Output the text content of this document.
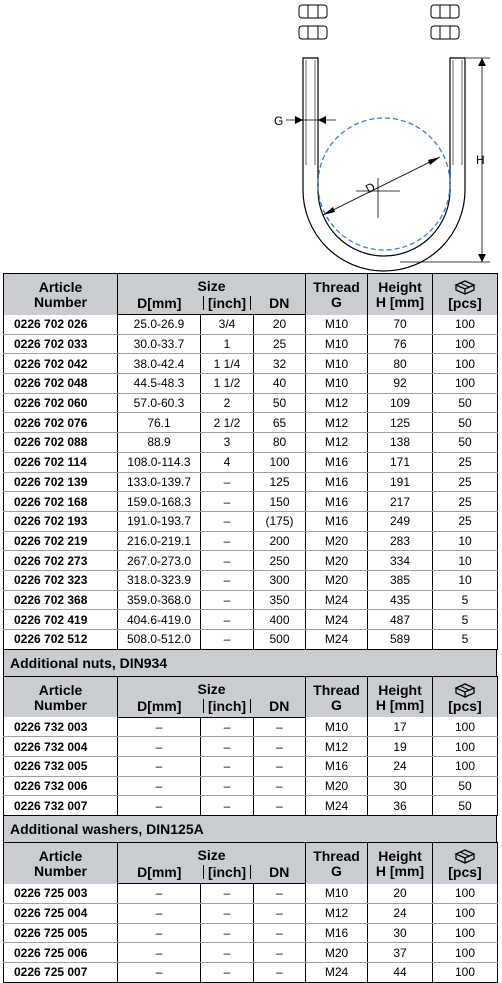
D
G
H
Article
Number	Size			Thread
G	Height
H [mm]	[pcs]
	D[mm]	[inch]	DN			
0226 702 026	25.0-26.9	3/4	20	M10	70	100
0226 702 033	30.0-33.7	1	25	M10	76	100
0226 702 042	38.0-42.4	1 1/4	32	M10	80	100
0226 702 048	44.5-48.3	1 1/2	40	M10	92	100
0226 702 060	57.0-60.3	2	50	M12	109	50
0226 702 076	76.1	2 1/2	65	M12	125	50
0226 702 088	88.9	3	80	M12	138	50
0226 702 114	108.0-114.3	4	100	M16	171	25
0226 702 139	133.0-139.7	–	125	M16	191	25
0226 702 168	159.0-168.3	–	150	M16	217	25
0226 702 193	191.0-193.7	–	(175)	M16	249	25
0226 702 219	216.0-219.1	–	200	M20	283	10
0226 702 273	267.0-273.0	–	250	M20	334	10
0226 702 323	318.0-323.9	–	300	M20	385	10
0226 702 368	359.0-368.0	–	350	M24	435	5
0226 702 419	404.6-419.0	–	400	M24	487	5
0226 702 512	508.0-512.0	–	500	M24	589	5
Additional nuts, DIN934
Article
Number	Size			Thread
G	Height
H [mm]	[pcs]
	D[mm]	[inch]	DN			
0226 732 003	–	–	–	M10	17	100
0226 732 004	–	–	–	M12	19	100
0226 732 005	–	–	–	M16	24	100
0226 732 006	–	–	–	M20	30	50
0226 732 007	–	–	–	M24	36	50
Additional washers, DIN125A
Article
Number	Size			Thread
G	Height
H [mm]	[pcs]
	D[mm]	[inch]	DN			
0226 725 003	–	–	–	M10	20	100
0226 725 004	–	–	–	M12	24	100
0226 725 005	–	–	–	M16	30	100
0226 725 006	–	–	–	M20	37	100
0226 725 007	–	–	–	M24	44	100
